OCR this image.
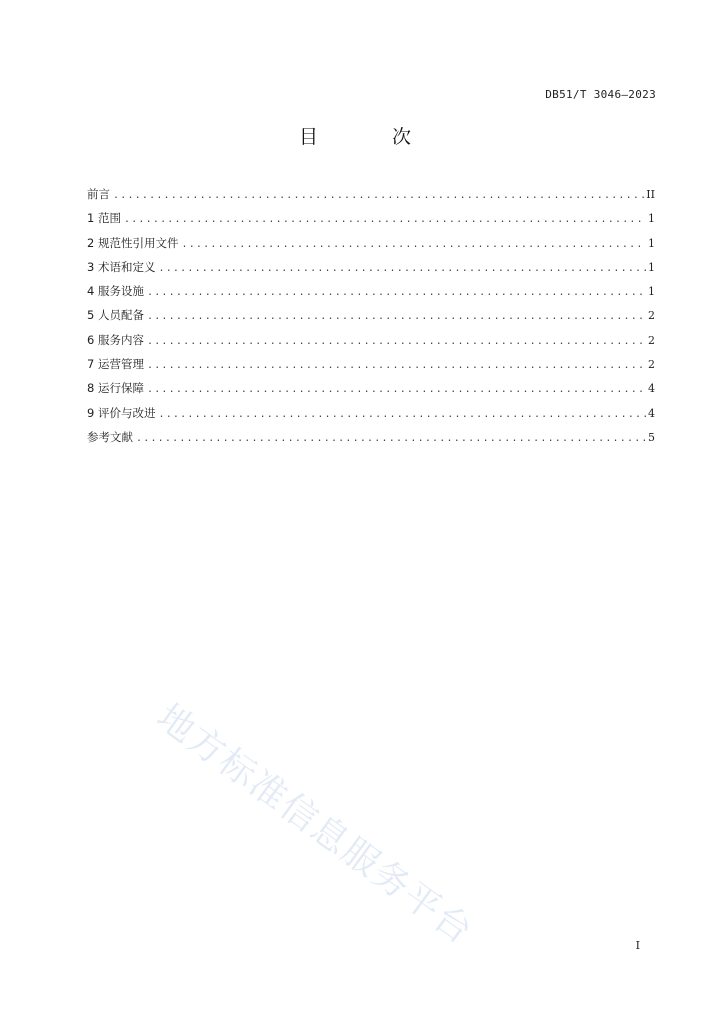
DB51/T 3046—2023
目 次
前言 .....	II
1 范围 .....	1
2 规范性引用文件 .....	1
3 术语和定义 .....	1
4 服务设施 .....	1
5 人员配备 .....	2
6 服务内容 .....	2
7 运营管理 .....	2
8 运行保障 .....	4
9 评价与改进 .....	4
参考文献 .....	5
地方标准信息服务平台	I
